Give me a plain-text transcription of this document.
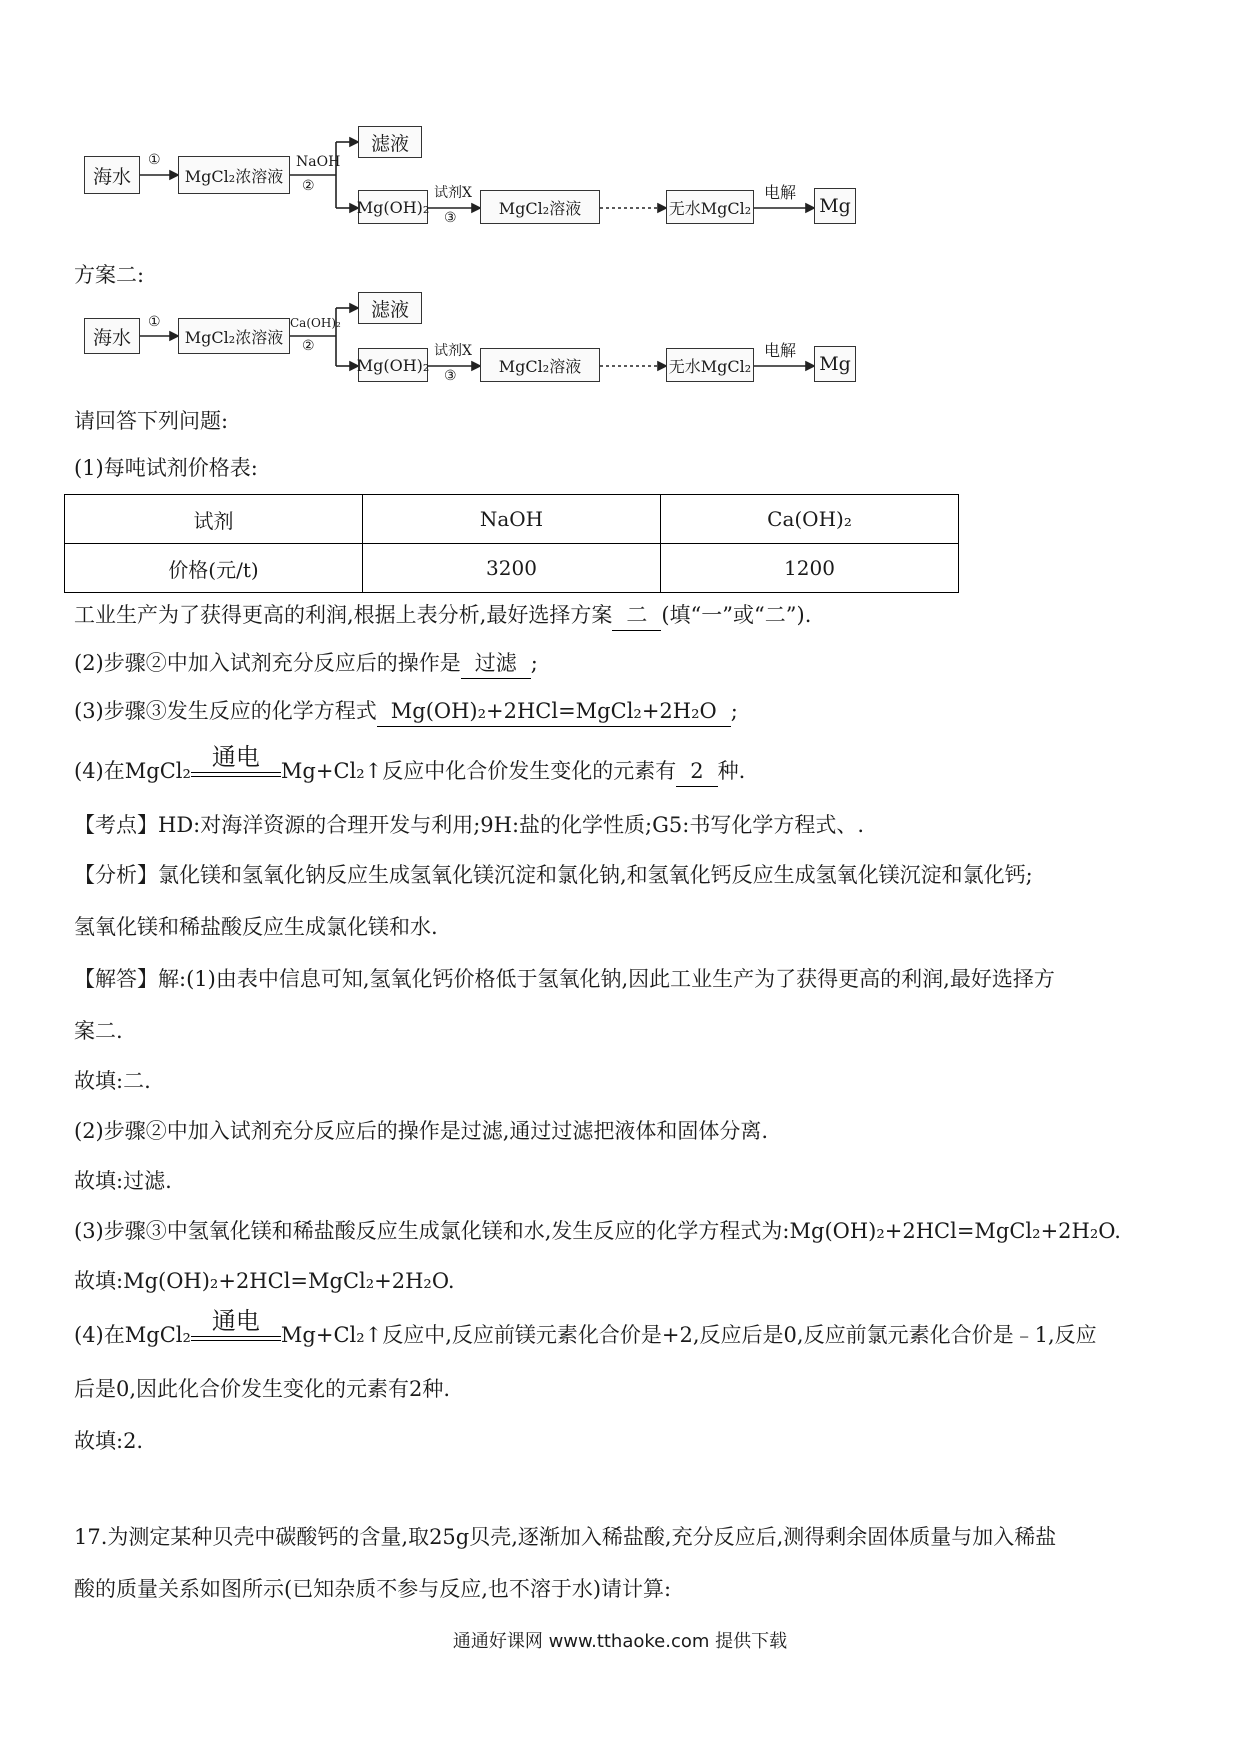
海水
①
MgCl₂浓溶液
NaOH
②
滤液
Mg(OH)₂
试剂X
③
MgCl₂溶液	无水MgCl₂
电解
Mg
方案二:
海水
①
MgCl₂浓溶液
Ca(OH)₂
②
滤液
Mg(OH)₂
试剂X
③
MgCl₂溶液	无水MgCl₂
电解
Mg
请回答下列问题:
(1)每吨试剂价格表:
试剂	NaOH	Ca(OH)₂
价格(元/t)	3200	1200
工业生产为了获得更高的利润,根据上表分析,最好选择方案 二 (填“一”或“二”).
(2)步骤②中加入试剂充分反应后的操作是 过滤 ;
(3)步骤③发生反应的化学方程式 Mg(OH)₂+2HCl=MgCl₂+2H₂O ;
(4)在MgCl₂
通电
Mg+Cl₂↑反应中化合价发生变化的元素有 2 种.
【考点】HD:对海洋资源的合理开发与利用;9H:盐的化学性质;G5:书写化学方程式、.
【分析】氯化镁和氢氧化钠反应生成氢氧化镁沉淀和氯化钠,和氢氧化钙反应生成氢氧化镁沉淀和氯化钙;
氢氧化镁和稀盐酸反应生成氯化镁和水.
【解答】解:(1)由表中信息可知,氢氧化钙价格低于氢氧化钠,因此工业生产为了获得更高的利润,最好选择方
案二.
故填:二.
(2)步骤②中加入试剂充分反应后的操作是过滤,通过过滤把液体和固体分离.
故填:过滤.
(3)步骤③中氢氧化镁和稀盐酸反应生成氯化镁和水,发生反应的化学方程式为:Mg(OH)₂+2HCl=MgCl₂+2H₂O.
故填:Mg(OH)₂+2HCl=MgCl₂+2H₂O.
(4)在MgCl₂
通电
Mg+Cl₂↑反应中,反应前镁元素化合价是+2,反应后是0,反应前氯元素化合价是﹣1,反应
后是0,因此化合价发生变化的元素有2种.
故填:2.
17.为测定某种贝壳中碳酸钙的含量,取25g贝壳,逐渐加入稀盐酸,充分反应后,测得剩余固体质量与加入稀盐
酸的质量关系如图所示(已知杂质不参与反应,也不溶于水)请计算:
通通好课网 www.tthaoke.com 提供下载
